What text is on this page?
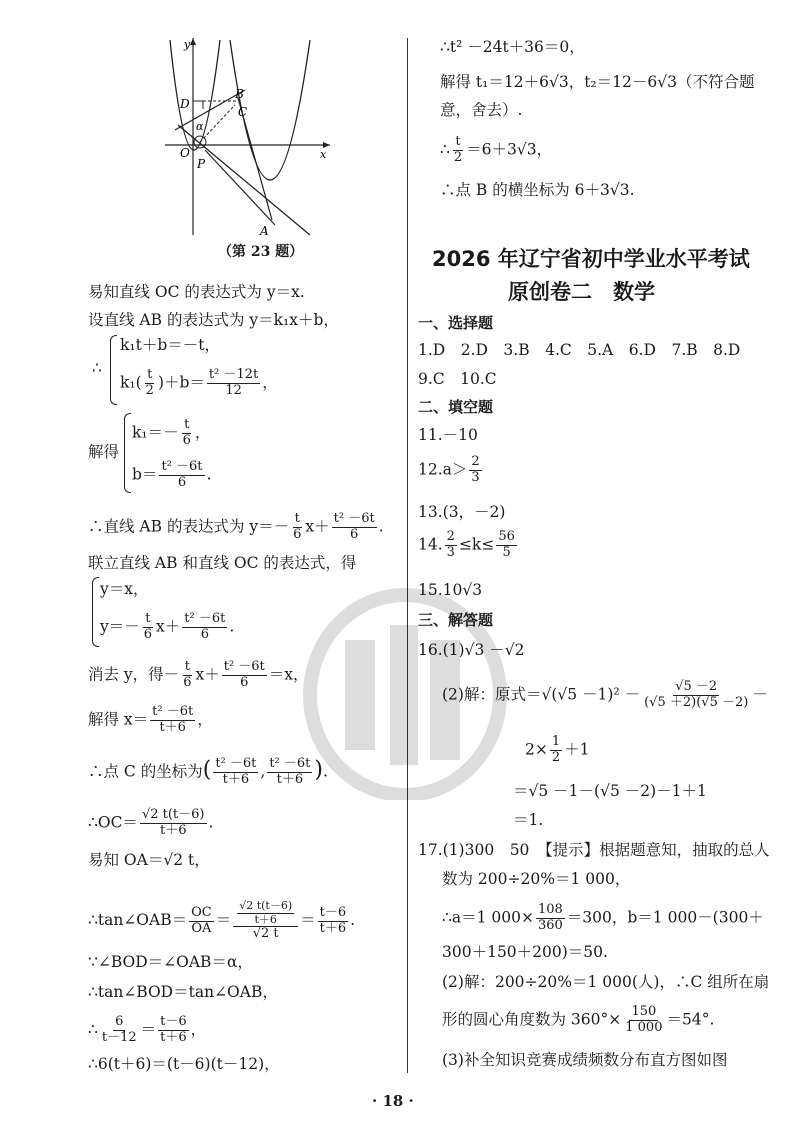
y
x
O
D
B
C
α
P
A
（第 23 题）
易知直线 OC 的表达式为 y＝x.
设直线 AB 的表达式为 y＝k₁x＋b，
∴
k₁t＋b＝－t，
$k_1( \frac{t}{2} )+b= \frac{\text{t² －12t}}{12}$ ，
解得
$k_1=- \frac{t}{6}$ ，
$b= \frac{\text{t² －6t}}{6}$ .
∴直线 AB 的表达式为 $y=- \frac{t}{6} x+ \frac{\text{t² －6t}}{6}$ .
联立直线 AB 和直线 OC 的表达式，得
y＝x，
$y=- \frac{t}{6} x+ \frac{\text{t² －6t}}{6}$ .
消去 y，得－ $\frac{t}{6} x+ \frac{\text{t² －6t}}{6} =x$，
解得 $x= \frac{\text{t² －6t}}{t+6}$ ，
∴点 C 的坐标为( $\frac{\text{t² －6t}}{t+6}$ , $\frac{\text{t² －6t}}{t+6}$ ).
∴OC＝ $\frac{√2 t(t-6)}{t+6}$ .
易知 OA＝√2 t，
∴tan∠OAB＝ $\frac{OC}{OA} = \frac{\frac{√2 t(t-6)}{t+6}}{√2 t} = \frac{t-6}{t+6}$ .
∵∠BOD＝∠OAB＝α，
∴tan∠BOD＝tan∠OAB，
∴ $\frac{6}{t-12} = \frac{t-6}{t+6}$ ，
∴6(t＋6)＝(t－6)(t－12)，
∴t² －24t＋36＝0，
解得 t₁＝12＋6√3，t₂＝12－6√3（不符合题
意，舍去）.
∴ $\frac{t}{2} =6+3√3$，
∴点 B 的横坐标为 6＋3√3.
2026 年辽宁省初中学业水平考试
原创卷二　数学
一、选择题
1.D　2.D　3.B　4.C　5.A　6.D　7.B　8.D
9.C　10.C
二、填空题
11.－10
$12.a> \frac{2}{3}$
13.(3，－2)
14. $\frac{2}{3} \le k\le \frac{56}{5}$
15.10√3
三、解答题
16.(1)√3 －√2
(2)解：原式$=√(√5 -1)^2 - \frac{√5 -2}{(√5 +2)(√5 -2)}$ －
$2\times \frac{1}{2} +1$
＝√5 －1－(√5 －2)－1＋1
＝1.
17.(1)300　50　【提示】根据题意知，抽取的总人
数为 200÷20%＝1 000，
∴a＝1 $000\times \frac{108}{360} =300$，b＝1 000－(300＋
300＋150＋200)＝50.
(2)解：200÷20%＝1 000(人)，∴C 组所在扇
形的圆心角度数为 $360^\circ\times \frac{150}{1 000} =54^\circ$.
(3)补全知识竞赛成绩频数分布直方图如图
· 18 ·
